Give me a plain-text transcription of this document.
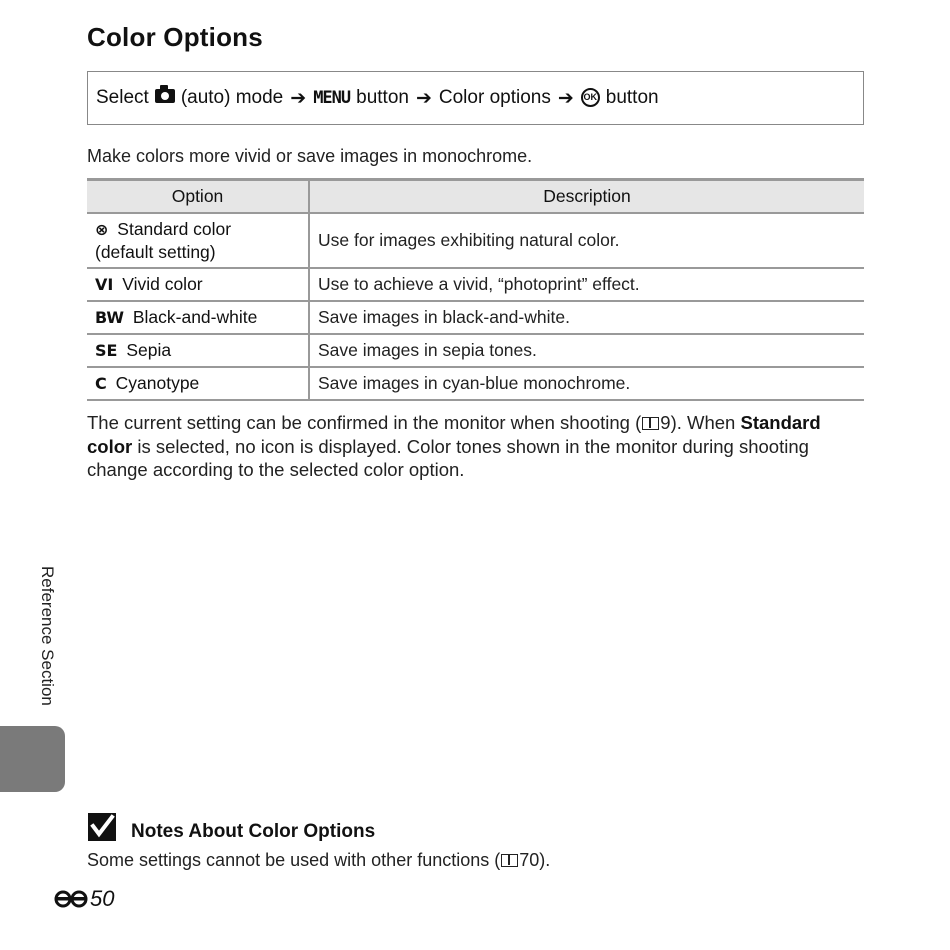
Color Options
Select (auto) mode ➔ MENU button ➔ Color options ➔	OK button
Make colors more vivid or save images in monochrome.
Option	Description
⊗ Standard color
(default setting)	Use for images exhibiting natural color.
VI Vivid color	Use to achieve a vivid, “photoprint” effect.
BW Black-and-white	Save images in black-and-white.
SE Sepia	Save images in sepia tones.
C Cyanotype	Save images in cyan-blue monochrome.
The current setting can be confirmed in the monitor when shooting ( 9). When Standard color is selected, no icon is displayed. Color tones shown in the monitor during shooting change according to the selected color option.
Reference Section
Notes About Color Options
Some settings cannot be used with other functions ( 70).
50
